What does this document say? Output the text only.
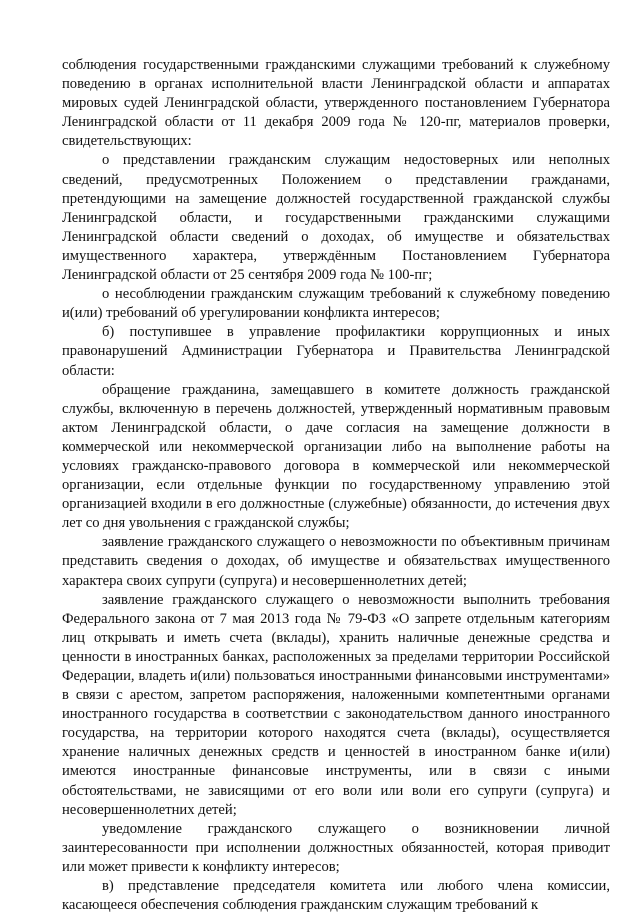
соблюдения государственными гражданскими служащими требований к служебному поведению в органах исполнительной власти Ленинградской области и аппаратах мировых судей Ленинградской области, утвержденного постановлением Губернатора Ленинградской области от 11 декабря 2009 года № 120-пг, материалов проверки, свидетельствующих:

о представлении гражданским служащим недостоверных или неполных сведений, предусмотренных Положением о представлении гражданами, претендующими на замещение должностей государственной гражданской службы Ленинградской области, и государственными гражданскими служащими Ленинградской области сведений о доходах, об имуществе и обязательствах имущественного характера, утверждённым Постановлением Губернатора Ленинградской области от 25 сентября 2009 года № 100-пг;

о несоблюдении гражданским служащим требований к служебному поведению и(или) требований об урегулировании конфликта интересов;

б) поступившее в управление профилактики коррупционных и иных правонарушений Администрации Губернатора и Правительства Ленинградской области:

обращение гражданина, замещавшего в комитете должность гражданской службы, включенную в перечень должностей, утвержденный нормативным правовым актом Ленинградской области, о даче согласия на замещение должности в коммерческой или некоммерческой организации либо на выполнение работы на условиях гражданско-правового договора в коммерческой или некоммерческой организации, если отдельные функции по государственному управлению этой организацией входили в его должностные (служебные) обязанности, до истечения двух лет со дня увольнения с гражданской службы;

заявление гражданского служащего о невозможности по объективным причинам представить сведения о доходах, об имуществе и обязательствах имущественного характера своих супруги (супруга) и несовершеннолетних детей;

заявление гражданского служащего о невозможности выполнить требования Федерального закона от 7 мая 2013 года № 79-ФЗ «О запрете отдельным категориям лиц открывать и иметь счета (вклады), хранить наличные денежные средства и ценности в иностранных банках, расположенных за пределами территории Российской Федерации, владеть и(или) пользоваться иностранными финансовыми инструментами» в связи с арестом, запретом распоряжения, наложенными компетентными органами иностранного государства в соответствии с законодательством данного иностранного государства, на территории которого находятся счета (вклады), осуществляется хранение наличных денежных средств и ценностей в иностранном банке и(или) имеются иностранные финансовые инструменты, или в связи с иными обстоятельствами, не зависящими от его воли или воли его супруги (супруга) и несовершеннолетних детей;

уведомление гражданского служащего о возникновении личной заинтересованности при исполнении должностных обязанностей, которая приводит или может привести к конфликту интересов;

в) представление председателя комитета или любого члена комиссии, касающееся обеспечения соблюдения гражданским служащим требований к
